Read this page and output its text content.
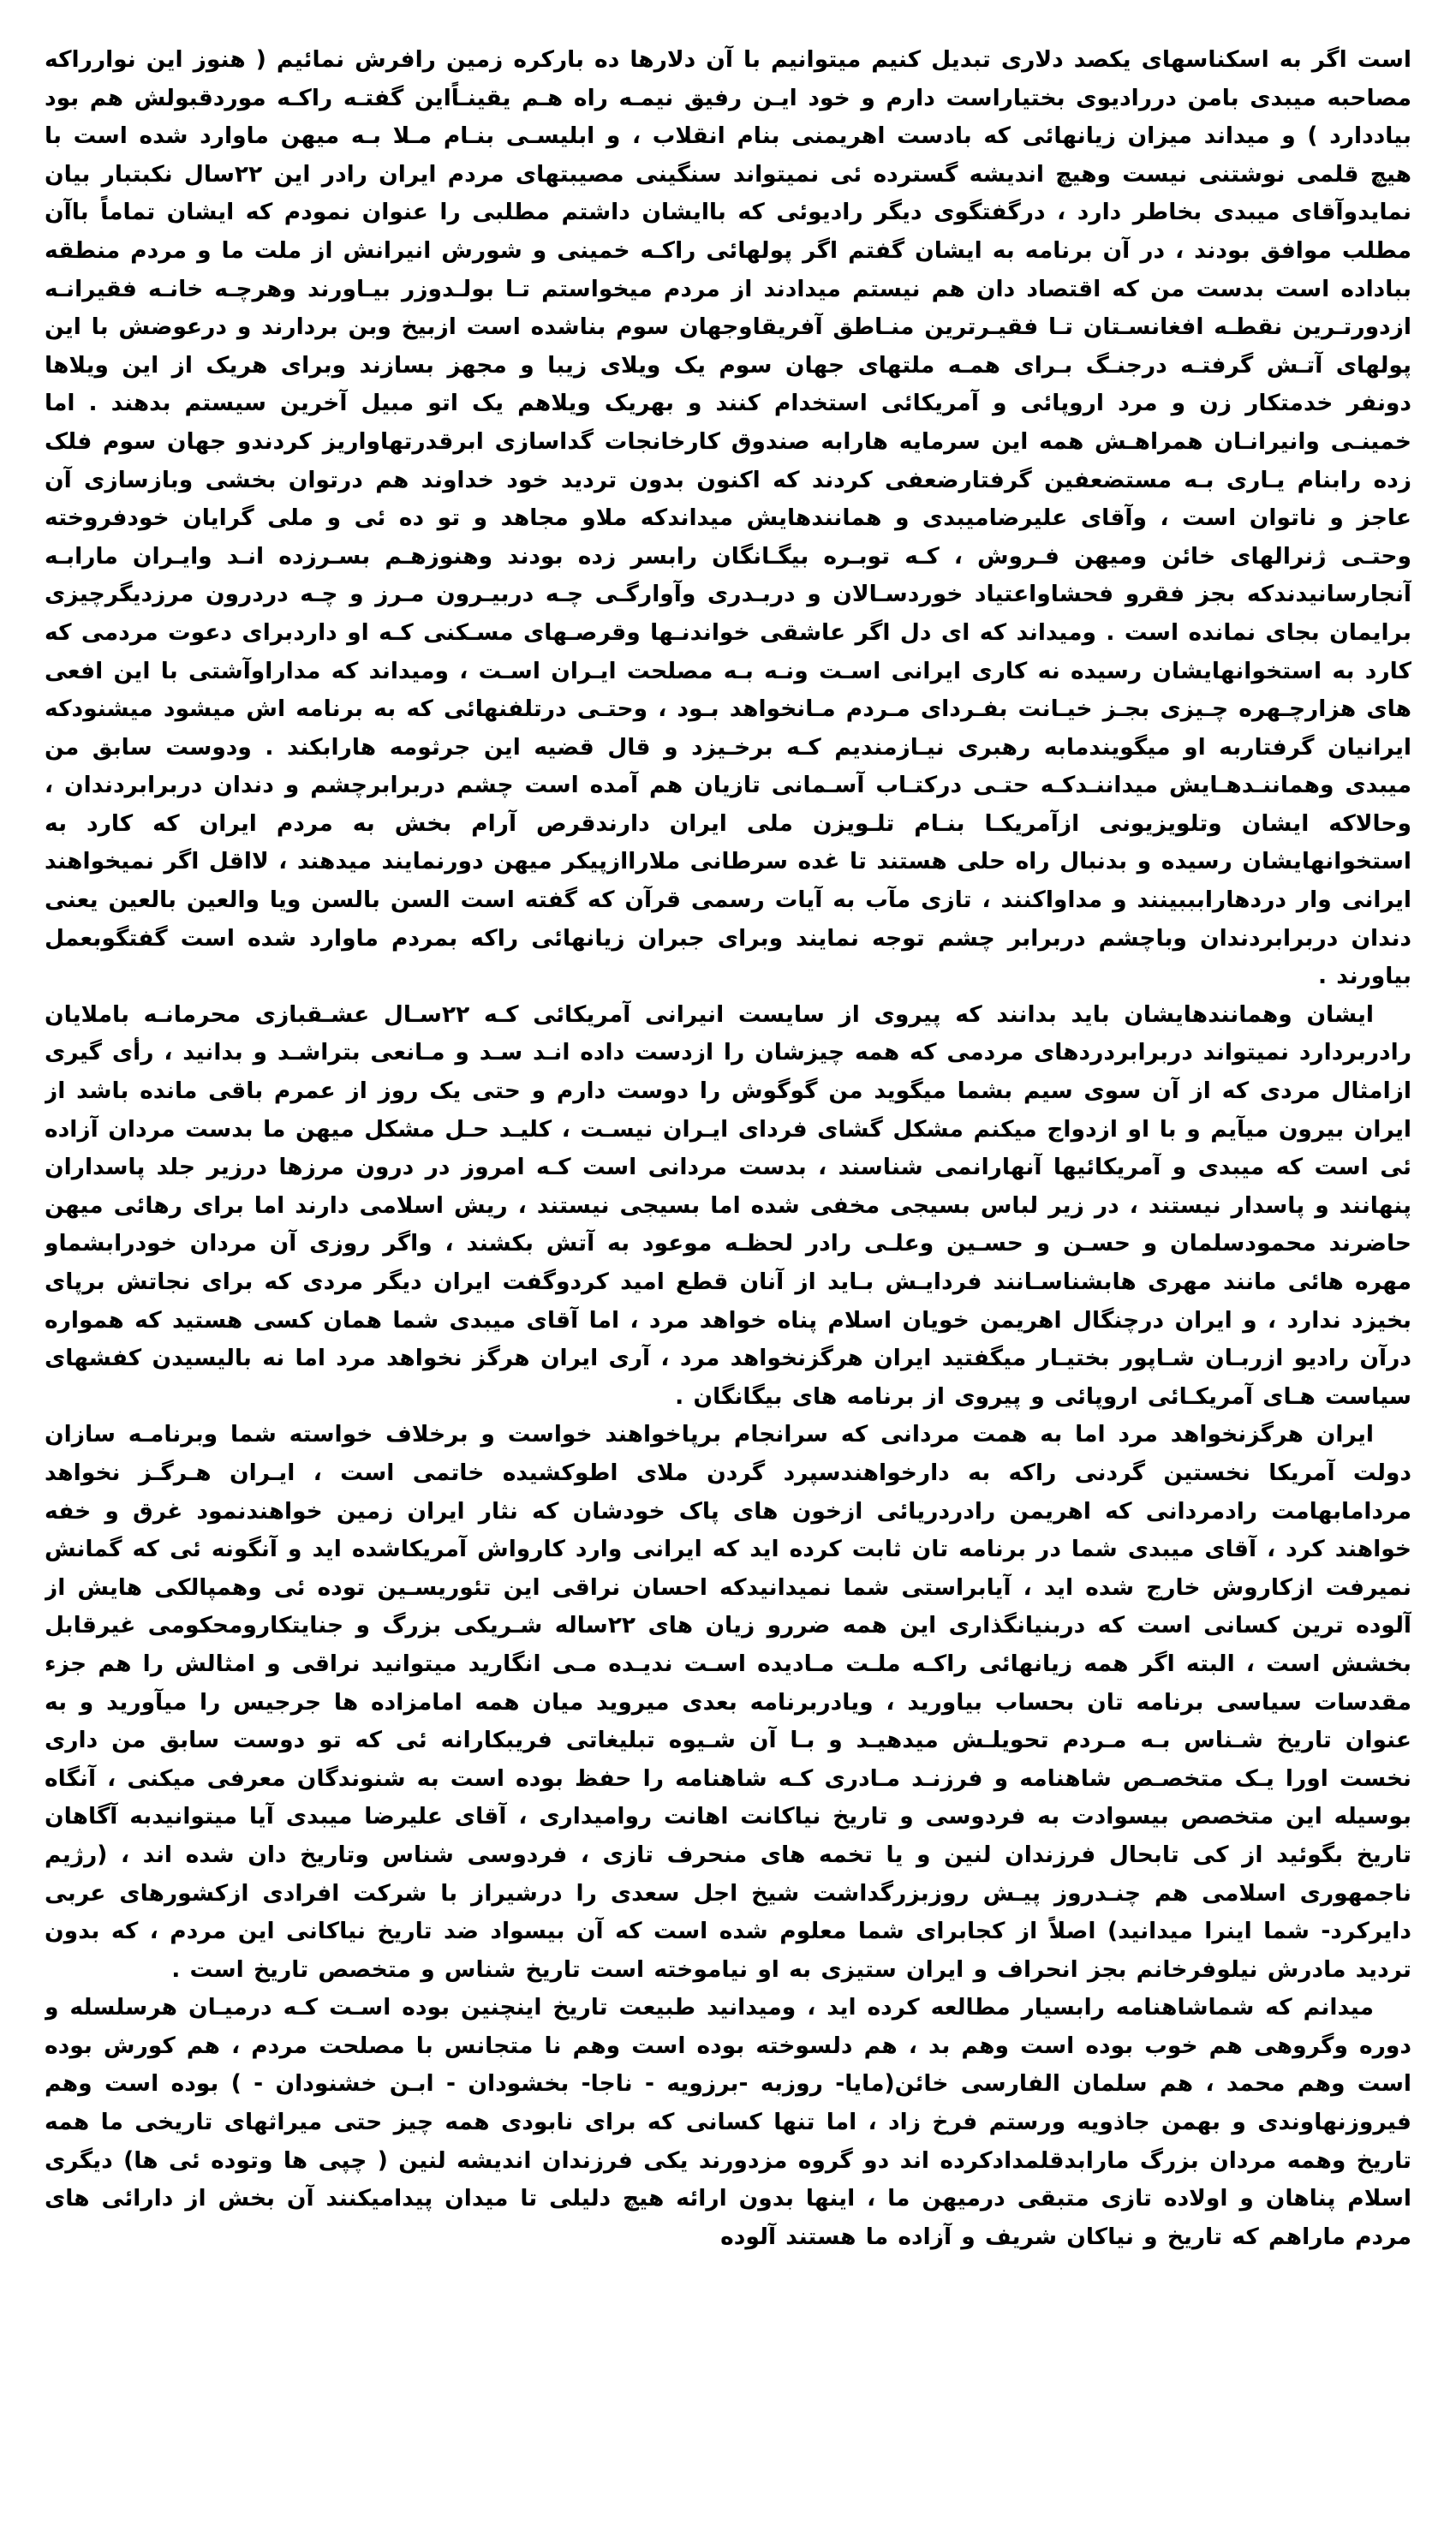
است اگر به اسکناسهای یکصد دلاری تبدیل کنیم میتوانیم با آن دلارها ده بارکره زمین رافرش نمائیم ( هنوز این نوارراکه مصاحبه میبدی بامن دررادیوی بختیاراست دارم و خود ایـن رفیق نیمـه راه هـم یقینـاًاین گفتـه راکـه موردقبولش هم بود بیاددارد ) و میداند میزان زیانهائی که بادست اهریمنی بنام انقلاب ، و ابلیسـی بنـام مـلا بـه میهن ماوارد شده است با هیچ قلمی نوشتنی نیست وهیچ اندیشه گسترده ئی نمیتواند سنگینی مصیبتهای مردم ایران رادر این ۲۲سال نکبتبار بیان نمایدوآقای میبدی بخاطر دارد ، درگفتگوی دیگر رادیوئی که باایشان داشتم مطلبی را عنوان نمودم که ایشان تماماً باآن مطلب موافق بودند ، در آن برنامه به ایشان گفتم اگر پولهائی راکـه خمینی و شورش انیرانش از ملت ما و مردم منطقه بباداده است بدست من که اقتصاد دان هم نیستم میدادند از مردم میخواستم تـا بولـدوزر بیـاورند وهرچـه خانـه فقیرانـه ازدورتـرین نقطـه افغانسـتان تـا فقیـرترین منـاطق آفریقاوجهان سوم بناشده است ازبیخ وبن بردارند و درعوضش با این پولهای آتـش گرفتـه درجنـگ بـرای همـه ملتهای جهان سوم یک ویلای زیبا و مجهز بسازند وبرای هریک از این ویلاها دونفر خدمتکار زن و مرد اروپائی و آمریکائی استخدام کنند و بهریک ویلاهم یک اتو مبیل آخرین سیستم بدهند . اما خمینـی وانیرانـان همراهـش همه این سرمایه هارابه صندوق کارخانجات گداسازی ابرقدرتهاواریز کردندو جهان سوم فلک زده رابنام یـاری بـه مستضعفین گرفتارضعفی کردند که اکنون بدون تردید خود خداوند هم درتوان بخشی وبازسازی آن عاجز و ناتوان است ، وآقای علیرضامیبدی و همانندهایش میداندکه ملاو مجاهد و تو ده ئی و ملی گرایان خودفروخته وحتـی ژنرالهای خائن ومیهن فـروش ، کـه توبـره بیگـانگان رابسر زده بودند وهنوزهـم بسـرزده انـد وایـران مارابـه آنجارسانیدندکه بجز فقرو فحشاواعتیاد خوردسـالان و دربـدری وآوارگـی چـه دربیـرون مـرز و چـه دردرون مرزدیگرچیزی برایمان بجای نمانده است . ومیداند که ای دل اگر عاشقی خواندنـها وقرصـهای مسـکنی کـه او داردبرای دعوت مردمی که کارد به استخوانهایشان رسیده نه کاری ایرانی اسـت ونـه بـه مصلحت ایـران اسـت ، ومیداند که مداراوآشتی با این افعی های هزارچـهره چـیزی بجـز خیـانت بفـردای مـردم مـانخواهد بـود ، وحتـی درتلفنهائی که به برنامه اش میشود میشنودکه ایرانیان گرفتاربه او میگویندمابه رهبری نیـازمندیم کـه برخـیزد و قال قضیه این جرثومه هارابکند . ودوست سابق من میبدی وهماننـدهـایش میداننـدکـه حتـی درکتـاب آسـمانی تازیان هم آمده است چشم دربرابرچشم و دندان دربرابردندان ، وحالاکه ایشان وتلویزیونی ازآمریکـا بنـام تلـویزن ملی ایران دارندقرص آرام بخش به مردم ایران که کارد به استخوانهایشان رسیده و بدنبال راه حلی هستند تا غده سرطانی ملاراازپیکر میهن دورنمایند میدهند ، لااقل اگر نمیخواهند ایرانی وار دردهارابببینند و مداواکنند ، تازی مآب به آیات رسمی قرآن که گفته است السن بالسن ویا والعین بالعین یعنی دندان دربرابردندان وباچشم دربرابر چشم توجه نمایند وبرای جبران زیانهائی راکه بمردم ماوارد شده است گفتگوبعمل بیاورند .

ایشان وهمانندهایشان باید بدانند که پیروی از سایست انیرانی آمریکائی کـه ۲۲سـال عشـقبازی محرمانـه باملایان رادربردارد نمیتواند دربرابردردهای مردمی که همه چیزشان را ازدست داده انـد سـد و مـانعی بتراشـد و بدانید ، رأی گیری ازامثال مردی که از آن سوی سیم بشما میگوید من گوگوش را دوست دارم و حتی یک روز از عمرم باقی مانده باشد از ایران بیرون میآیم و با او ازدواج میکنم مشکل گشای فردای ایـران نیسـت ، کلیـد حـل مشکل میهن ما بدست مردان آزاده ئی است که میبدی و آمریکائیها آنهارانمی شناسند ، بدست مردانی است کـه امروز در درون مرزها درزیر جلد پاسداران پنهانند و پاسدار نیستند ، در زیر لباس بسیجی مخفی شده اما بسیجی نیستند ، ریش اسلامی دارند اما برای رهائی میهن حاضرند محمودسلمان و حسـن و حسـین وعلـی رادر لحظـه موعود به آتش بکشند ، واگر روزی آن مردان خودرابشماو مهره هائی مانند مهری هابشناسـانند فردایـش بـاید از آنان قطع امید کردوگفت ایران دیگر مردی که برای نجاتش برپای بخیزد ندارد ، و ایران درچنگال اهریمن خویان اسلام پناه خواهد مرد ، اما آقای میبدی شما همان کسی هستید که همواره درآن رادیو ازربـان شـاپور بختیـار میگفتید ایران هرگزنخواهد مرد ، آری ایران هرگز نخواهد مرد اما نه بالیسیدن کفشهای سیاست هـای آمریکـائی اروپائی و پیروی از برنامه های بیگانگان .

ایران هرگزنخواهد مرد اما به همت مردانی که سرانجام برپاخواهند خواست و برخلاف خواسته شما وبرنامـه سازان دولت آمریکا نخستین گردنی راکه به دارخواهندسپرد گردن ملای اطوکشیده خاتمی است ، ایـران هـرگـز نخواهد مردامابهامت رادمردانی که اهریمن رادردریائی ازخون های پاک خودشان که نثار ایران زمین خواهندنمود غرق و خفه خواهند کرد ، آقای میبدی شما در برنامه تان ثابت کرده اید که ایرانی وارد کارواش آمریکاشده اید و آنگونه ئی که گمانش نمیرفت ازکاروش خارج شده اید ، آیابراستی شما نمیدانیدکه احسان نراقی این تئوریسـین توده ئی وهمپالکی هایش از آلوده ترین کسانی است که دربنیانگذاری این همه ضررو زیان های ۲۲ساله شـریکی بزرگ و جنایتکارومحکومی غیرقابل بخشش است ، البته اگر همه زیانهائی راکـه ملـت مـادیده اسـت ندیـده مـی انگارید میتوانید نراقی و امثالش را هم جزء مقدسات سیاسی برنامه تان بحساب بیاورید ، ویادربرنامه بعدی میروید میان همه امامزاده ها جرجیس را میآورید و به عنوان تاریخ شـناس بـه مـردم تحویلـش میدهیـد و بـا آن شـیوه تبلیغاتی فریبکارانه ئی که تو دوست سابق من داری نخست اورا یـک متخصـص شاهنامه و فرزنـد مـادری کـه شاهنامه را حفظ بوده است به شنوندگان معرفی میکنی ، آنگاه بوسیله این متخصص بیسوادت به فردوسی و تاریخ نیاکانت اهانت روامیداری ، آقای علیرضا میبدی آیا میتوانیدبه آگاهان تاریخ بگوئید از کی تابحال فرزندان لنین و یا تخمه های منحرف تازی ، فردوسی شناس وتاریخ دان شده اند ، (رژیم ناجمهوری اسلامی هم چنـدروز پیـش روزبزرگداشت شیخ اجل سعدی را درشیراز با شرکت افرادی ازکشورهای عربی دایرکرد- شما اینرا میدانید) اصلاً از کجابرای شما معلوم شده است که آن بیسواد ضد تاریخ نیاکانی این مردم ، که بدون تردید مادرش نیلوفرخانم بجز انحراف و ایران ستیزی به او نیاموخته است تاریخ شناس و متخصص تاریخ است .

میدانم که شماشاهنامه رابسیار مطالعه کرده اید ، ومیدانید طبیعت تاریخ اینچنین بوده اسـت کـه درمیـان هرسلسله و دوره وگروهی هم خوب بوده است وهم بد ، هم دلسوخته بوده است وهم نا متجانس با مصلحت مردم ، هم کورش بوده است وهم محمد ، هم سلمان الفارسی خائن(مایا- روزبه -برزویه - ناجا- بخشودان - ابـن خشنودان - ) بوده است وهم فیروزنهاوندی و بهمن جاذویه ورستم فرخ زاد ، اما تنها کسانی که برای نابودی همه چیز حتی میراثهای تاریخی ما همه تاریخ وهمه مردان بزرگ مارابدقلمدادکرده اند دو گروه مزدورند یکی فرزندان اندیشه لنین ( چپی ها وتوده ئی ها) دیگری اسلام پناهان و اولاده تازی متبقی درمیهن ما ، اینها بدون ارائه هیچ دلیلی تا میدان پیدامیکنند آن بخش از دارائی های مردم ماراهم که تاریخ و نیاکان شریف و آزاده ما هستند آلوده
